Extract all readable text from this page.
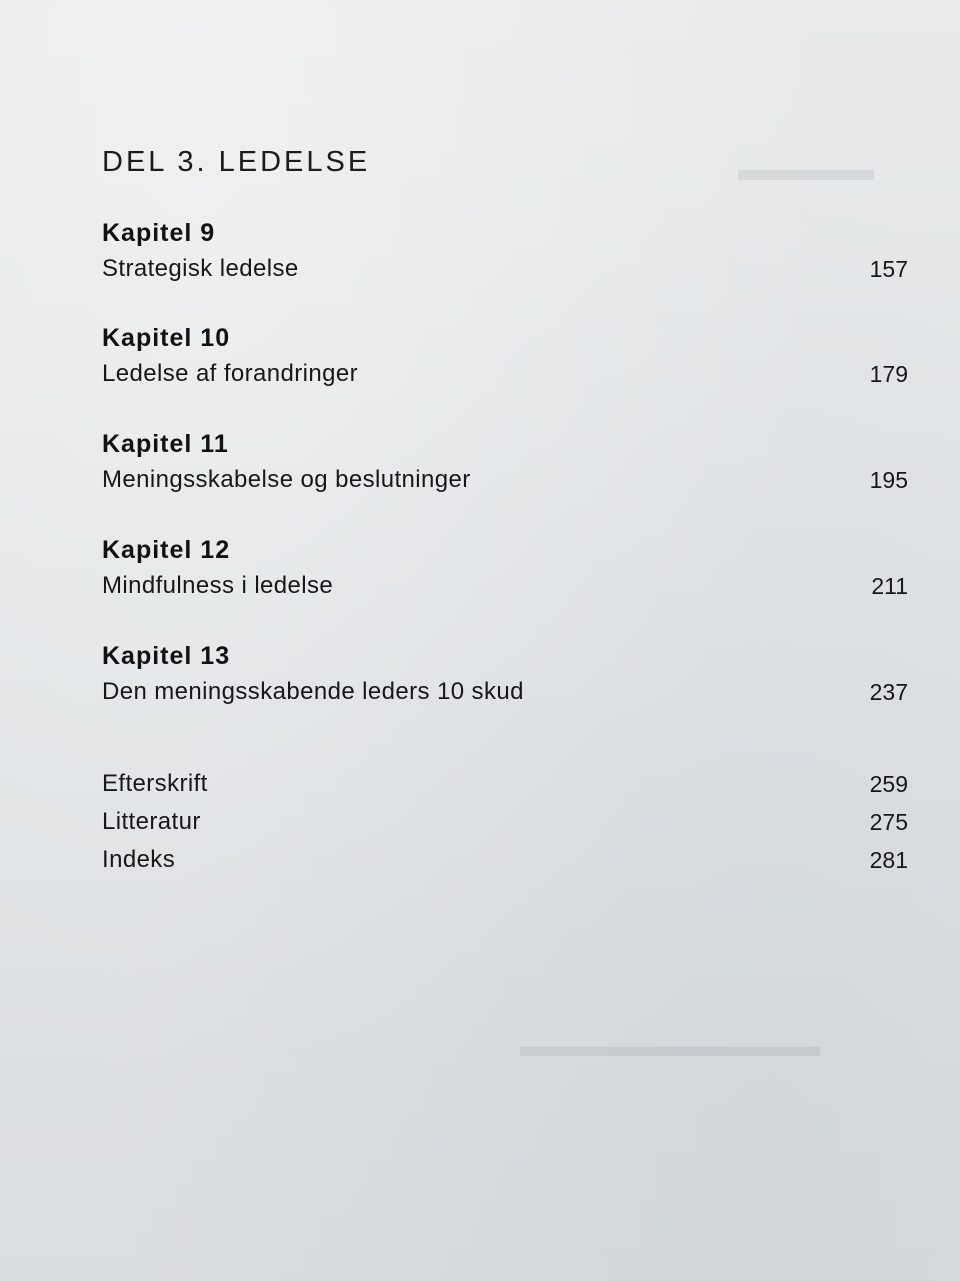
▬▬▬▬
▬▬▬▬▬▬▬▬▬▬
DEL 3. LEDELSE
Kapitel 9
Strategisk ledelse	157
Kapitel 10
Ledelse af forandringer	179
Kapitel 11
Meningsskabelse og beslutninger	195
Kapitel 12
Mindfulness i ledelse	211
Kapitel 13
Den meningsskabende leders 10 skud	237
Efterskrift	259
Litteratur	275
Indeks	281
